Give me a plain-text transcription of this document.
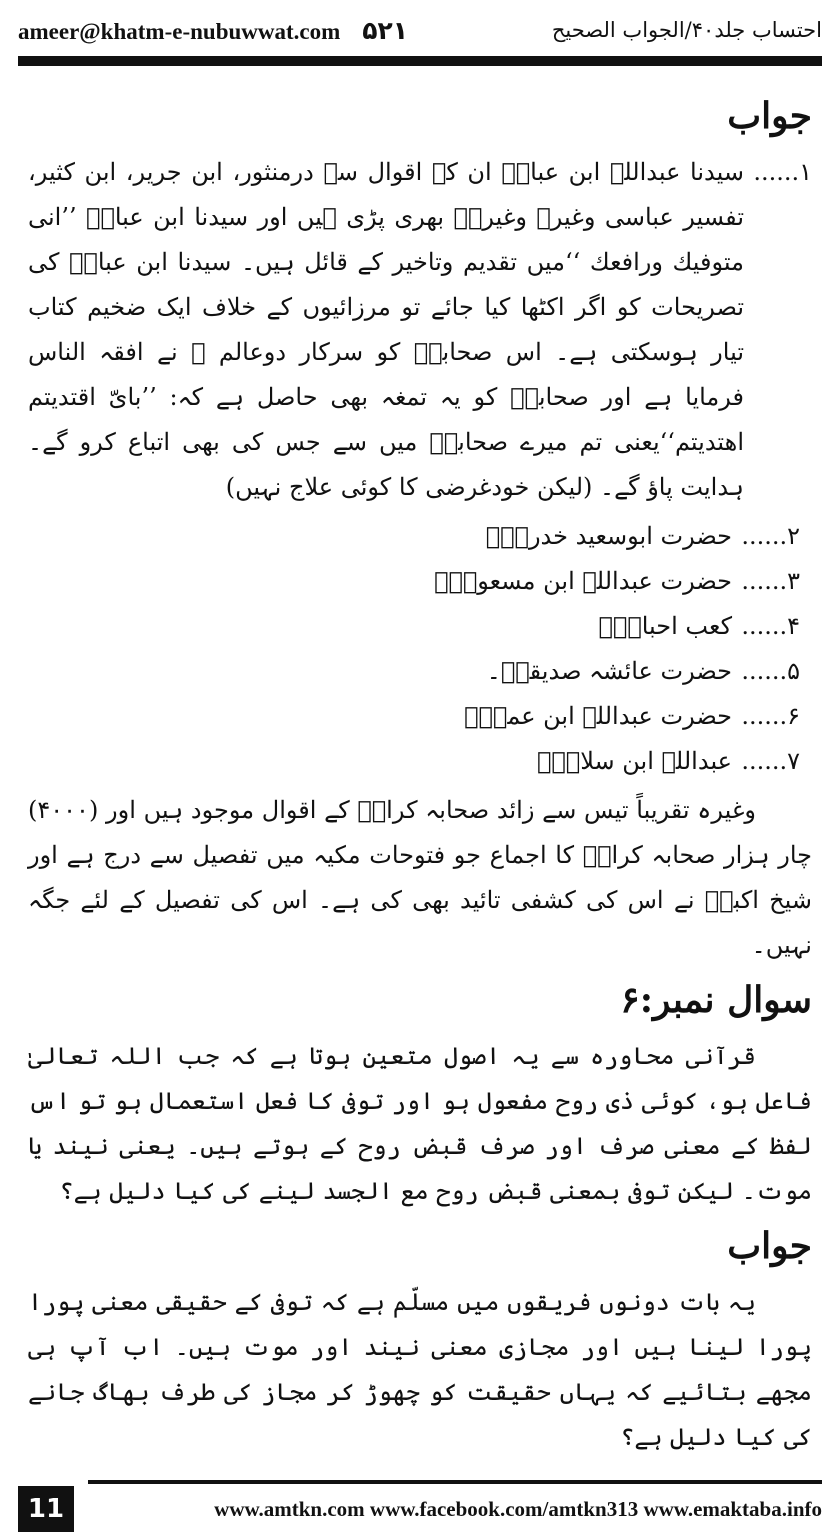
ameer@khatm-e-nubuwwat.com ۵۲۱	احتساب جلد۴۰/الجواب الصحیح
جواب
۱......

سیدنا عبداللہ ابن عباسؓ ان کے اقوال سے درمنثور، ابن جریر، ابن کثیر، تفسیر عباسی وغیرہ وغیرہ۔ بھری پڑی ہیں اور سیدنا ابن عباسؓ ’’انی متوفیك ورافعك ‘‘میں تقدیم وتاخیر کے قائل ہیں۔ سیدنا ابن عباسؓ کی تصریحات کو اگر اکٹھا کیا جائے تو مرزائیوں کے خلاف ایک ضخیم کتاب تیار ہوسکتی ہے۔ اس صحابیؓ کو سرکار دوعالم ﷺ نے افقہ الناس فرمایا ہے اور صحابہؓ کو یہ تمغہ بھی حاصل ہے کہ: ’’بایّ اقتدیتم اهتدیتم‘‘یعنی تم میرے صحابہؓ میں سے جس کی بھی اتباع کرو گے۔ ہدایت پاؤ گے۔ (لیکن خودغرضی کا کوئی علاج نہیں)

۲......
حضرت ابوسعید خدریؓ۔
۳......
حضرت عبداللہ ابن مسعودؓ۔
۴......
کعب احبارؓ۔
۵......
حضرت عائشہ صدیقہؓ۔
۶......
حضرت عبداللہ ابن عمرؓ۔
۷......
عبداللہ ابن سلامؓ۔

وغیرہ تقریباً تیس سے زائد صحابہ کرامؓ کے اقوال موجود ہیں اور (۴۰۰۰) چار ہزار صحابہ کرامؓ کا اجماع جو فتوحات مکیہ میں تفصیل سے درج ہے اور شیخ اکبرؒ نے اس کی کشفی تائید بھی کی ہے۔ اس کی تفصیل کے لئے جگہ نہیں۔

سوال نمبر:۶

قرآنی محاورہ سے یہ اصول متعین ہوتا ہے کہ جب اللہ تعالیٰ فاعل ہو، کوئی ذی روح مفعول ہو اور توفی کا فعل استعمال ہو تو اس لفظ کے معنی صرف اور صرف قبض روح کے ہوتے ہیں۔ یعنی نیند یا موت۔ لیکن توفی بمعنی قبض روح مع الجسد لینے کی کیا دلیل ہے؟

جواب

یہ بات دونوں فریقوں میں مسلّم ہے کہ توفی کے حقیقی معنی پورا پورا لینا ہیں اور مجازی معنی نیند اور موت ہیں۔ اب آپ ہی مجھے بتائیے کہ یہاں حقیقت کو چھوڑ کر مجاز کی طرف بھاگ جانے کی کیا دلیل ہے؟

11	www.amtkn.com www.facebook.com/amtkn313 www.emaktaba.info
